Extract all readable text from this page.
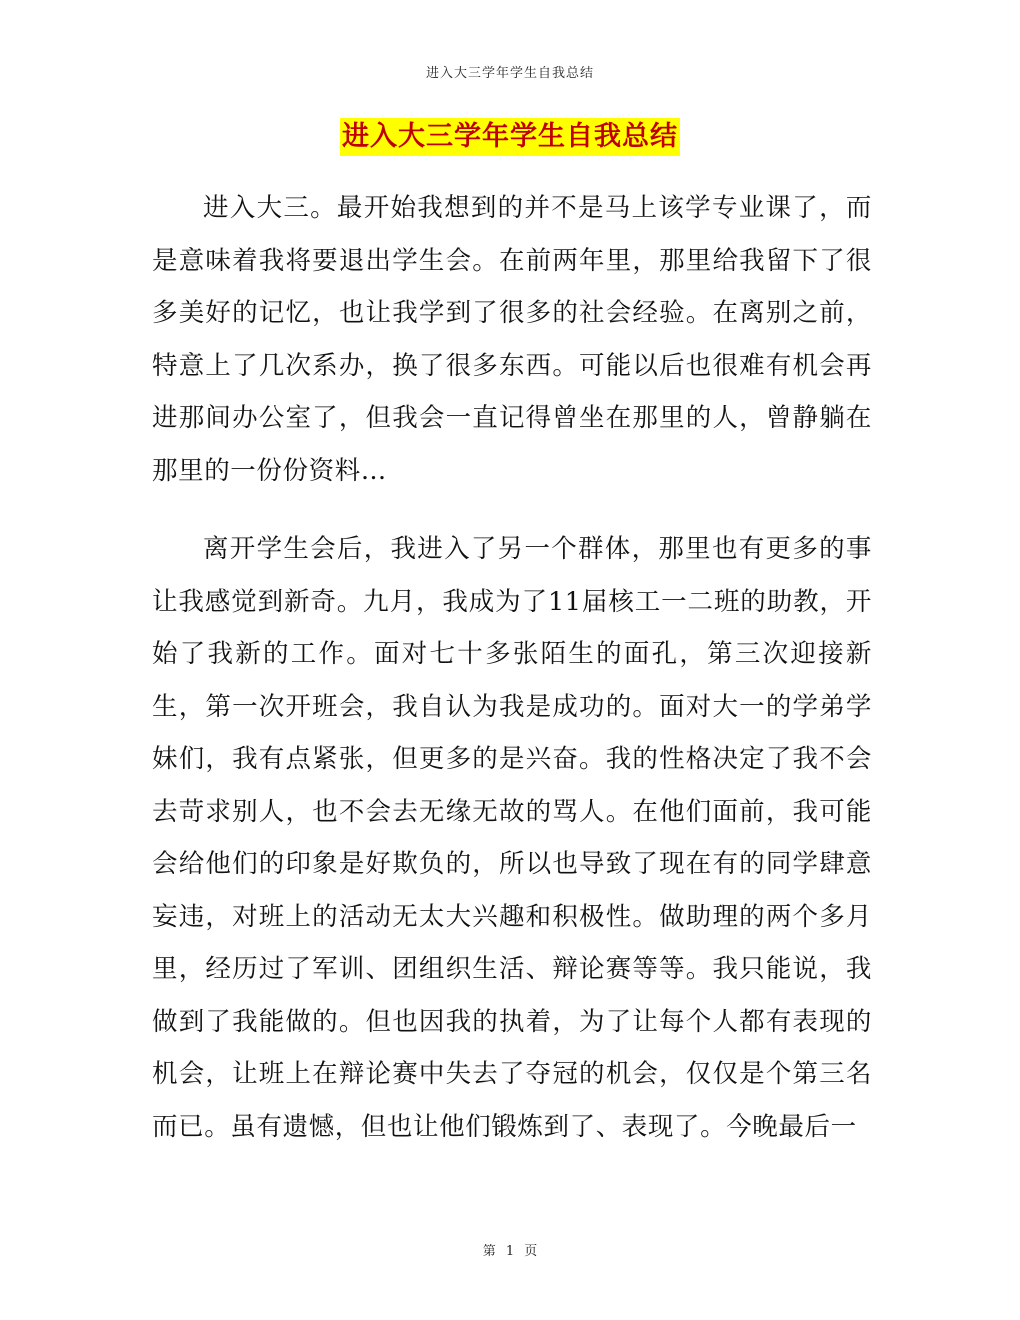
进入大三学年学生自我总结
进入大三学年学生自我总结

进入大三。最开始我想到的并不是马上该学专业课了，而是意味着我将要退出学生会。在前两年里，那里给我留下了很多美好的记忆，也让我学到了很多的社会经验。在离别之前，特意上了几次系办，换了很多东西。可能以后也很难有机会再进那间办公室了，但我会一直记得曾坐在那里的人，曾静躺在那里的一份份资料…

离开学生会后，我进入了另一个群体，那里也有更多的事让我感觉到新奇。九月，我成为了11届核工一二班的助教，开始了我新的工作。面对七十多张陌生的面孔，第三次迎接新生，第一次开班会，我自认为我是成功的。面对大一的学弟学妹们，我有点紧张，但更多的是兴奋。我的性格决定了我不会去苛求别人，也不会去无缘无故的骂人。在他们面前，我可能会给他们的印象是好欺负的，所以也导致了现在有的同学肆意妄违，对班上的活动无太大兴趣和积极性。做助理的两个多月里，经历过了军训、团组织生活、辩论赛等等。我只能说，我做到了我能做的。但也因我的执着，为了让每个人都有表现的机会，让班上在辩论赛中失去了夺冠的机会，仅仅是个第三名而已。虽有遗憾，但也让他们锻炼到了、表现了。今晚最后一

第 1 页
